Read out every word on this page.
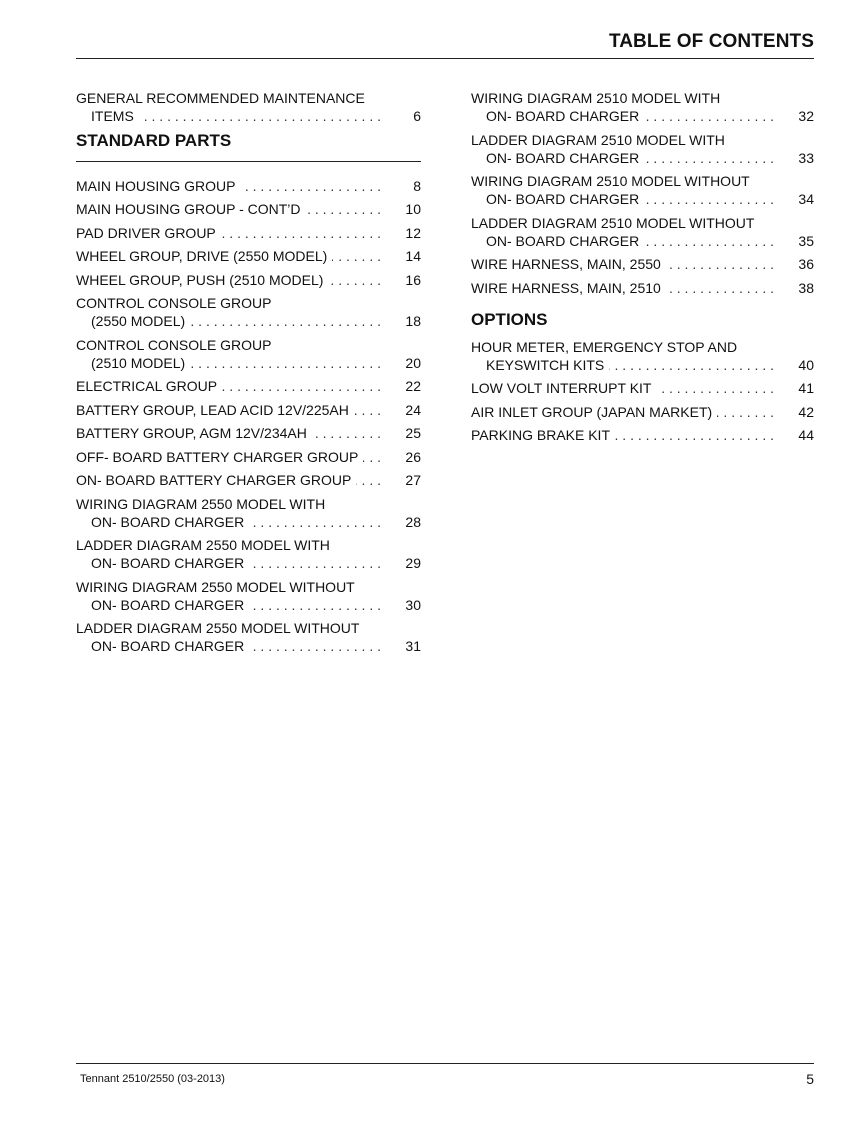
TABLE OF CONTENTS
GENERAL RECOMMENDED MAINTENANCE
ITEMS . . .	6
STANDARD PARTS
MAIN HOUSING GROUP . . .	8
MAIN HOUSING GROUP - CONT’D . . .	10
PAD DRIVER GROUP . . .	12
WHEEL GROUP, DRIVE (2550 MODEL) . . .	14
WHEEL GROUP, PUSH (2510 MODEL) . . .	16
CONTROL CONSOLE GROUP
(2550 MODEL) . . .	18
CONTROL CONSOLE GROUP
(2510 MODEL) . . .	20
ELECTRICAL GROUP . . .	22
BATTERY GROUP, LEAD ACID 12V/225AH . . .	24
BATTERY GROUP, AGM 12V/234AH . . .	25
OFF- BOARD BATTERY CHARGER GROUP . . .	26
ON- BOARD BATTERY CHARGER GROUP . . .	27
WIRING DIAGRAM 2550 MODEL WITH
ON- BOARD CHARGER . . .	28
LADDER DIAGRAM 2550 MODEL WITH
ON- BOARD CHARGER . . .	29
WIRING DIAGRAM 2550 MODEL WITHOUT
ON- BOARD CHARGER . . .	30
LADDER DIAGRAM 2550 MODEL WITHOUT
ON- BOARD CHARGER . . .	31
WIRING DIAGRAM 2510 MODEL WITH
ON- BOARD CHARGER . . .	32
LADDER DIAGRAM 2510 MODEL WITH
ON- BOARD CHARGER . . .	33
WIRING DIAGRAM 2510 MODEL WITHOUT
ON- BOARD CHARGER . . .	34
LADDER DIAGRAM 2510 MODEL WITHOUT
ON- BOARD CHARGER . . .	35
WIRE HARNESS, MAIN, 2550 . . .	36
WIRE HARNESS, MAIN, 2510 . . .	38
OPTIONS
HOUR METER, EMERGENCY STOP AND
KEYSWITCH KITS . . .	40
LOW VOLT INTERRUPT KIT . . .	41
AIR INLET GROUP (JAPAN MARKET) . . .	42
PARKING BRAKE KIT . . .	44
Tennant 2510/2550 (03-2013)	5
